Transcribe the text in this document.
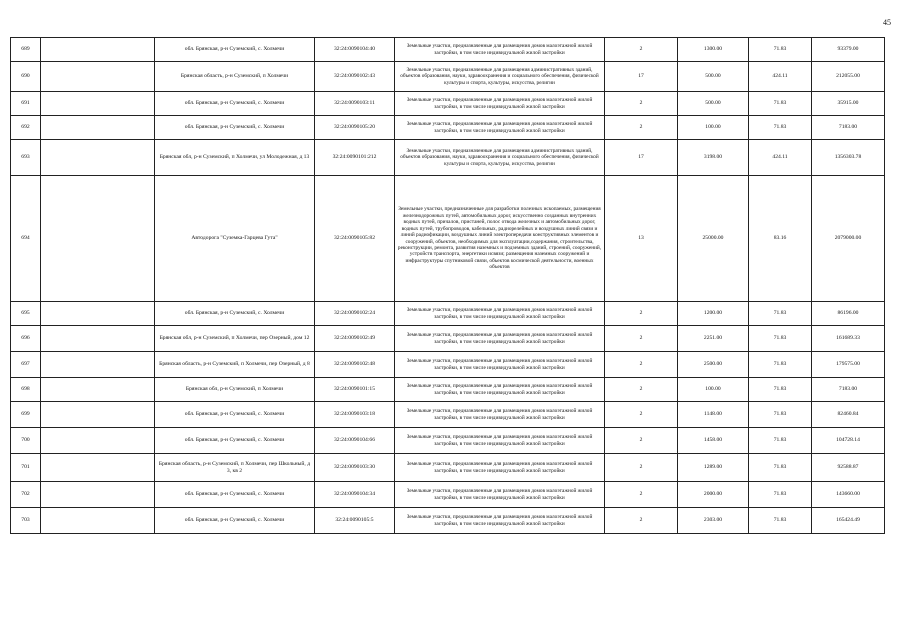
45
689		обл. Брянская, р-н Суземский, с. Холмечи	32:24:0090104:40	Земельные участки, предназначенные для размещения домов малоэтажной жилой застройки, в том числе индивидуальной жилой застройки	2	1300.00	71.83	93379.00
690		Брянская область, р-н Суземский, п Холмечи	32:24:0090102:43	Земельные участки, предназначенные для размещения административных зданий, объектов образования, науки, здравоохранения и социального обеспечения, физической культуры и спорта, культуры, искусства, религии	17	500.00	424.11	212055.00
691		обл. Брянская, р-н Суземский, с. Холмечи	32:24:0090103:11	Земельные участки, предназначенные для размещения домов малоэтажной жилой застройки, в том числе индивидуальной жилой застройки	2	500.00	71.83	35915.00
692		обл. Брянская, р-н Суземский, с. Холмечи	32:24:0090105:20	Земельные участки, предназначенные для размещения домов малоэтажной жилой застройки, в том числе индивидуальной жилой застройки	2	100.00	71.83	7183.00
693		Брянская обл, р-н Суземский, п Холмечи, ул Молодежная, д 13	32:24:0090101:212	Земельные участки, предназначенные для размещения административных зданий, объектов образования, науки, здравоохранения и социального обеспечения, физической культуры и спорта, культуры, искусства, религии	17	3198.00	424.11	1356303.78
694		Автодорога "Суземка-Гарцева Гута"	32:24:0090105:82	Земельные участки, предназначенные для разработки полезных ископаемых, размещения железнодорожных путей, автомобильных дорог, искусственно созданных внутренних водных путей, причалов, пристаней, полос отвода железных и автомобильных дорог, водных путей, трубопроводов, кабельных, радиорелейных и воздушных линий связи и линий радиофикации, воздушных линий электропередачи конструктивных элементов и сооружений, объектов, необходимых для эксплуатации,содержания, строительства, реконструкции, ремонта, развития наземных и подземных зданий, строений, сооружений, устройств транспорта, энергетики исвязи; размещения наземных сооружений и инфраструктуры спутниковой связи, объектов космической деятельности, военных объектов	13	25000.00	83.16	2079000.00
695		обл. Брянская, р-н Суземский, с. Холмечи	32:24:0090102:24	Земельные участки, предназначенные для размещения домов малоэтажной жилой застройки, в том числе индивидуальной жилой застройки	2	1200.00	71.83	86196.00
696		Брянская обл, р-н Суземский, п Холмечи, пер Озерный, дом 12	32:24:0090102:49	Земельные участки, предназначенные для размещения домов малоэтажной жилой застройки, в том числе индивидуальной жилой застройки	2	2251.00	71.83	161689.33
697		Брянская область, р-н Суземский, п Холмечи, пер Озерный, д 8	32:24:0090102:48	Земельные участки, предназначенные для размещения домов малоэтажной жилой застройки, в том числе индивидуальной жилой застройки	2	2500.00	71.83	179575.00
698		Брянская обл, р-н Суземский, п Холмечи	32:24:0090101:15	Земельные участки, предназначенные для размещения домов малоэтажной жилой застройки, в том числе индивидуальной жилой застройки	2	100.00	71.83	7183.00
699		обл. Брянская, р-н Суземский, с. Холмечи	32:24:0090103:18	Земельные участки, предназначенные для размещения домов малоэтажной жилой застройки, в том числе индивидуальной жилой застройки	2	1148.00	71.83	82460.84
700		обл. Брянская, р-н Суземский, с. Холмечи	32:24:0090104:66	Земельные участки, предназначенные для размещения домов малоэтажной жилой застройки, в том числе индивидуальной жилой застройки	2	1458.00	71.83	104728.14
701		Брянская область, р-н Суземский, п Холмечи, пер Школьный, д 3, кв 2	32:24:0090103:30	Земельные участки, предназначенные для размещения домов малоэтажной жилой застройки, в том числе индивидуальной жилой застройки	2	1289.00	71.83	92588.87
702		обл. Брянская, р-н Суземский, с. Холмечи	32:24:0090104:34	Земельные участки, предназначенные для размещения домов малоэтажной жилой застройки, в том числе индивидуальной жилой застройки	2	2000.00	71.83	143660.00
703		обл. Брянская, р-н Суземский, с. Холмечи	32:24:0090105:5	Земельные участки, предназначенные для размещения домов малоэтажной жилой застройки, в том числе индивидуальной жилой застройки	2	2303.00	71.83	165424.49
